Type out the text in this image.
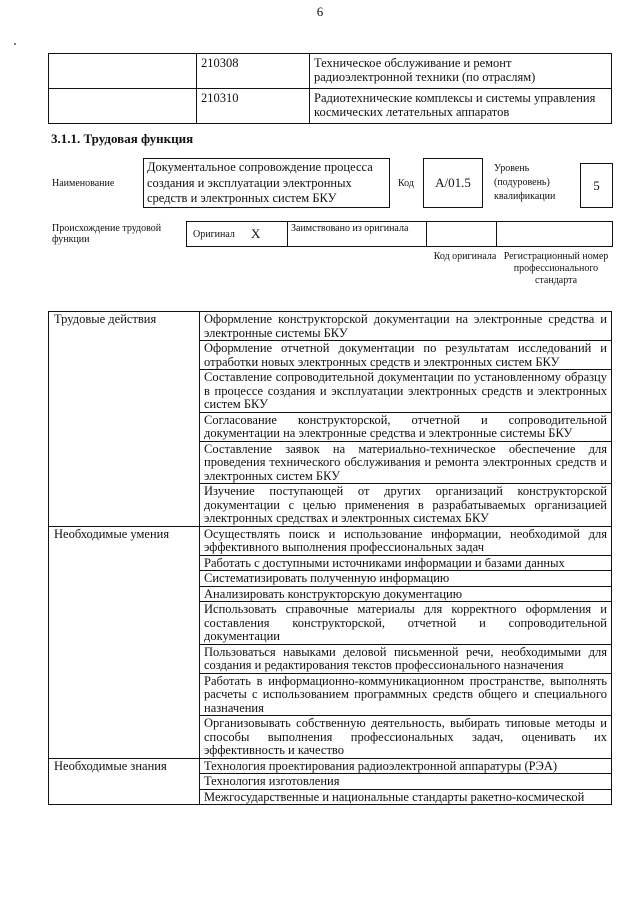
6
	210308	Техническое обслуживание и ремонт радиоэлектронной техники (по отраслям)
	210310	Радиотехнические комплексы и системы управления космических летательных аппаратов
3.1.1. Трудовая функция
Наименование
Документальное сопровождение процесса создания и эксплуатации электронных средств и электронных систем БКУ
Код	А/01.5
Уровень (подуровень) квалификации
5
Происхождение трудовой функции	Оригинал	X	Заимствовано из оригинала		
Код оригинала Регистрационный номер профессионального стандарта
Трудовые действия	Оформление конструкторской документации на электронные средства и электронные системы БКУ
	Оформление отчетной документации по результатам исследований и отработки новых электронных средств и электронных систем БКУ
	Составление сопроводительной документации по установленному образцу в процессе создания и эксплуатации электронных средств и электронных систем БКУ
	Согласование конструкторской, отчетной и сопроводительной документации на электронные средства и электронные системы БКУ
	Составление заявок на материально-техническое обеспечение для проведения технического обслуживания и ремонта электронных средств и электронных систем БКУ
	Изучение поступающей от других организаций конструкторской документации с целью применения в разрабатываемых организацией электронных средствах и электронных системах БКУ
Необходимые умения	Осуществлять поиск и использование информации, необходимой для эффективного выполнения профессиональных задач
	Работать с доступными источниками информации и базами данных
	Систематизировать полученную информацию
	Анализировать конструкторскую документацию
	Использовать справочные материалы для корректного оформления и составления конструкторской, отчетной и сопроводительной документации
	Пользоваться навыками деловой письменной речи, необходимыми для создания и редактирования текстов профессионального назначения
	Работать в информационно-коммуникационном пространстве, выполнять расчеты с использованием программных средств общего и специального назначения
	Организовывать собственную деятельность, выбирать типовые методы и способы выполнения профессиональных задач, оценивать их эффективность и качество
Необходимые знания	Технология проектирования радиоэлектронной аппаратуры (РЭА)
	Технология изготовления
	Межгосударственные и национальные стандарты ракетно-космической
